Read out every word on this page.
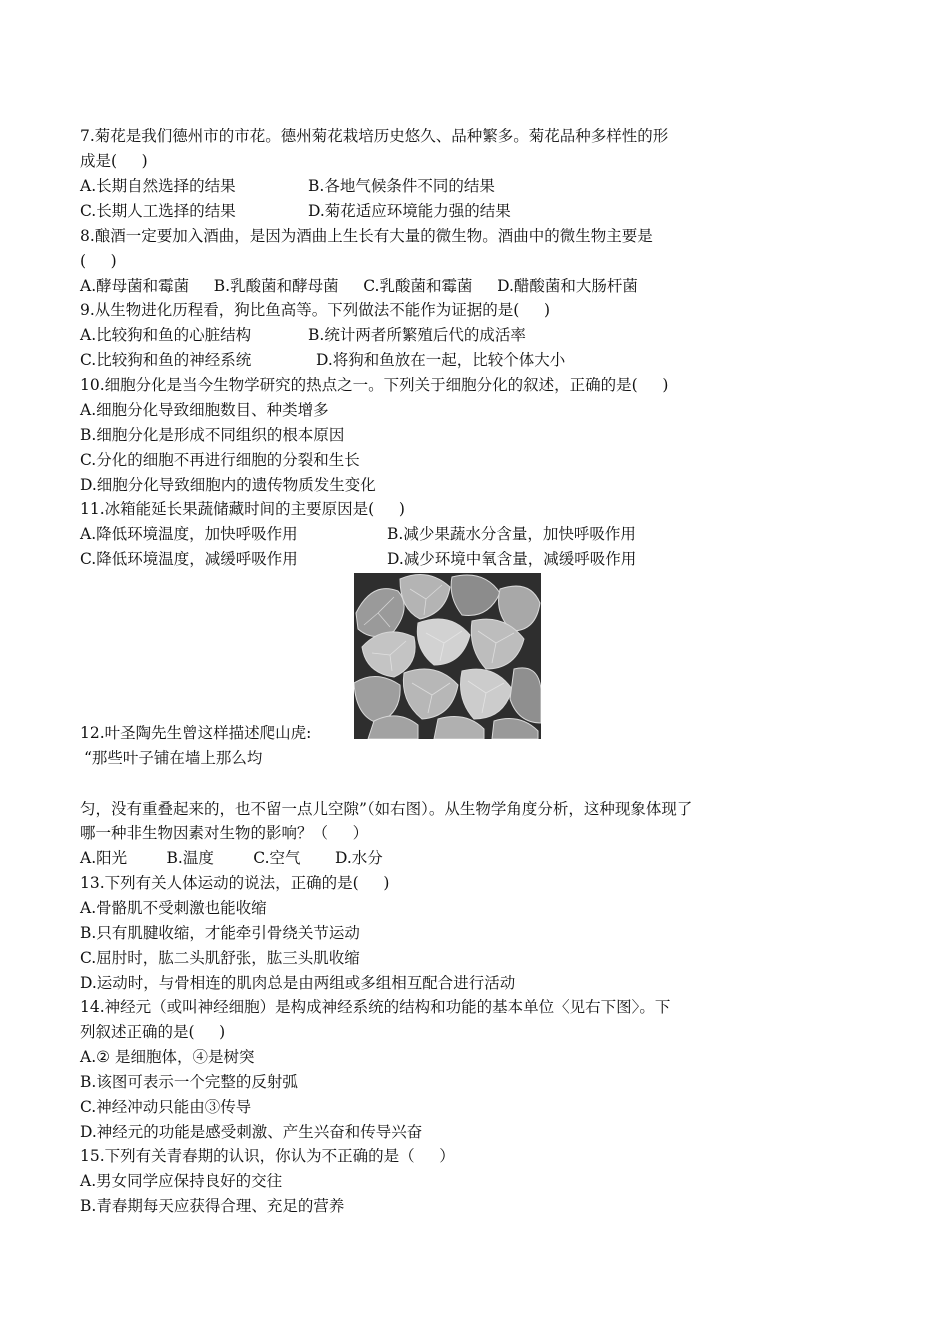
7.菊花是我们德州市的市花。德州菊花栽培历史悠久、品种繁多。菊花品种多样性的形
成是(     )
A.长期自然选择的结果	B.各地气候条件不同的结果
C.长期人工选择的结果	D.菊花适应环境能力强的结果
8.酿酒一定要加入酒曲，是因为酒曲上生长有大量的微生物。酒曲中的微生物主要是
(     )
A.酵母菌和霉菌     B.乳酸菌和酵母菌     C.乳酸菌和霉菌     D.醋酸菌和大肠杆菌
9.从生物进化历程看，狗比鱼高等。下列做法不能作为证据的是(     )
A.比较狗和鱼的心脏结构	B.统计两者所繁殖后代的成活率
C.比较狗和鱼的神经系统	D.将狗和鱼放在一起，比较个体大小
10.细胞分化是当今生物学研究的热点之一。下列关于细胞分化的叙述，正确的是(     )
A.细胞分化导致细胞数目、种类增多
B.细胞分化是形成不同组织的根本原因
C.分化的细胞不再进行细胞的分裂和生长
D.细胞分化导致细胞内的遗传物质发生变化
11.冰箱能延长果蔬储藏时间的主要原因是(     )
A.降低环境温度，加快呼吸作用	B.减少果蔬水分含量，加快呼吸作用
C.降低环境温度，减缓呼吸作用	D.减少环境中氧含量，减缓呼吸作用
12.叶圣陶先生曾这样描述爬山虎:
“那些叶子铺在墙上那么均
匀，没有重叠起来的，也不留一点儿空隙”（如右图）。从生物学角度分析，这种现象体现了
哪一种非生物因素对生物的影响？（     ）
A.阳光        B.温度        C.空气       D.水分
13.下列有关人体运动的说法，正确的是(     )
A.骨骼肌不受刺激也能收缩
B.只有肌腱收缩，才能牵引骨绕关节运动
C.屈肘时，肱二头肌舒张，肱三头肌收缩
D.运动时，与骨相连的肌肉总是由两组或多组相互配合进行活动
14.神经元（或叫神经细胞）是构成神经系统的结构和功能的基本单位〈见右下图〉。下
列叙述正确的是(     )
A.② 是细胞体，④是树突
B.该图可表示一个完整的反射弧
C.神经冲动只能由③传导
D.神经元的功能是感受刺激、产生兴奋和传导兴奋
15.下列有关青春期的认识，你认为不正确的是（     ）
A.男女同学应保持良好的交往
B.青春期每天应获得合理、充足的营养
